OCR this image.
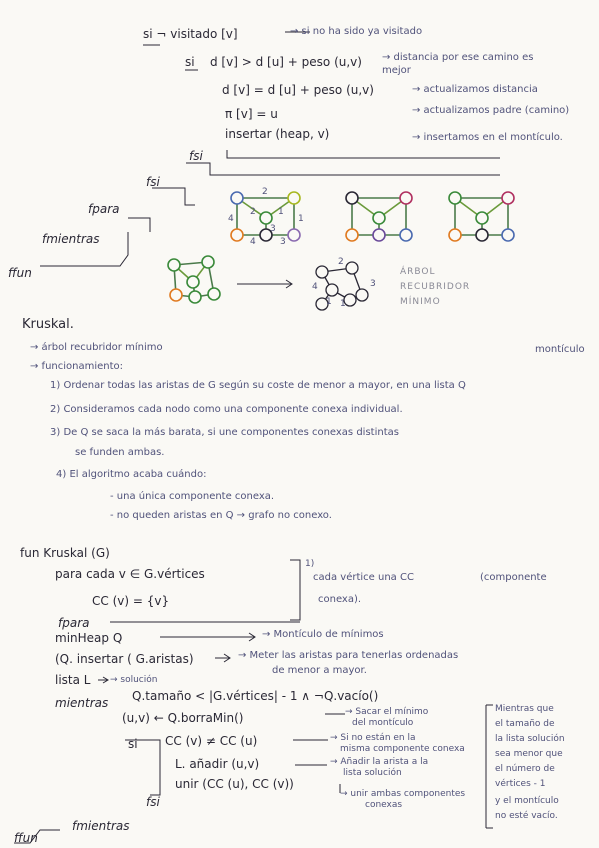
si ¬ visitado [v]	→ si no ha sido ya visitado
si d [v] > d [u] + peso (u,v) → distancia por ese camino es mejor
d [v] = d [u] + peso (u,v)	→ actualizamos distancia
π [v] = u	→ actualizamos padre (camino)
insertar (heap, v)	→ insertamos en el montículo.
fsi
fsi
fpara
fmientras
ffun
2
2 1
3
4
4
1
3
ÁRBOL
RECUBRIDOR
MÍNIMO
2
4
1 1
3
Kruskal.
→ árbol recubridor mínimo
→ funcionamiento:
montículo
1) Ordenar todas las aristas de G según su coste de menor a mayor, en una lista Q
2) Consideramos cada nodo como una componente conexa individual.
3) De Q se saca la más barata, si une componentes conexas distintas
se funden ambas.
4) El algoritmo acaba cuándo:
- una única componente conexa.
- no queden aristas en Q → grafo no conexo.
fun Kruskal (G)
para cada v ∈ G.vértices
CC (v) = {v}
1)
cada vértice una CC	(componente
conexa).
fpara
minHeap Q	→ Montículo de mínimos
(Q. insertar ( G.aristas)	→ Meter las aristas para tenerlas ordenadas
de menor a mayor.
lista L → solución
mientras Q.tamaño < |G.vértices| - 1 ∧ ¬Q.vacío()
(u,v) ← Q.borraMin()	→ Sacar el mínimo
del montículo
si CC (v) ≠ CC (u)	→ Si no están en la
misma componente conexa
L. añadir (u,v)	→ Añadir la arista a la
lista solución
unir (CC (u), CC (v))
→ unir ambas componentes
conexas
fsi
fmientras
ffun
Mientras que
el tamaño de
la lista solución
sea menor que
el número de
vértices - 1
y el montículo
no esté vacío.
